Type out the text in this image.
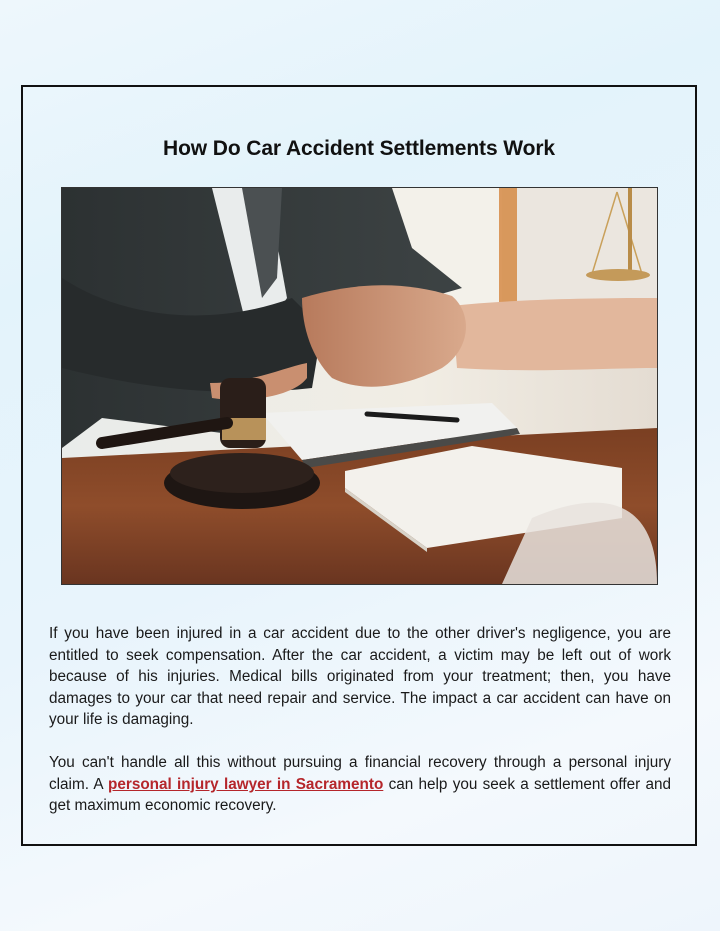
How Do Car Accident Settlements Work

If you have been injured in a car accident due to the other driver's negligence, you are entitled to seek compensation. After the car accident, a victim may be left out of work because of his injuries. Medical bills originated from your treatment; then, you have damages to your car that need repair and service. The impact a car accident can have on your life is damaging.

You can't handle all this without pursuing a financial recovery through a personal injury claim. A personal injury lawyer in Sacramento can help you seek a settlement offer and get maximum economic recovery.
